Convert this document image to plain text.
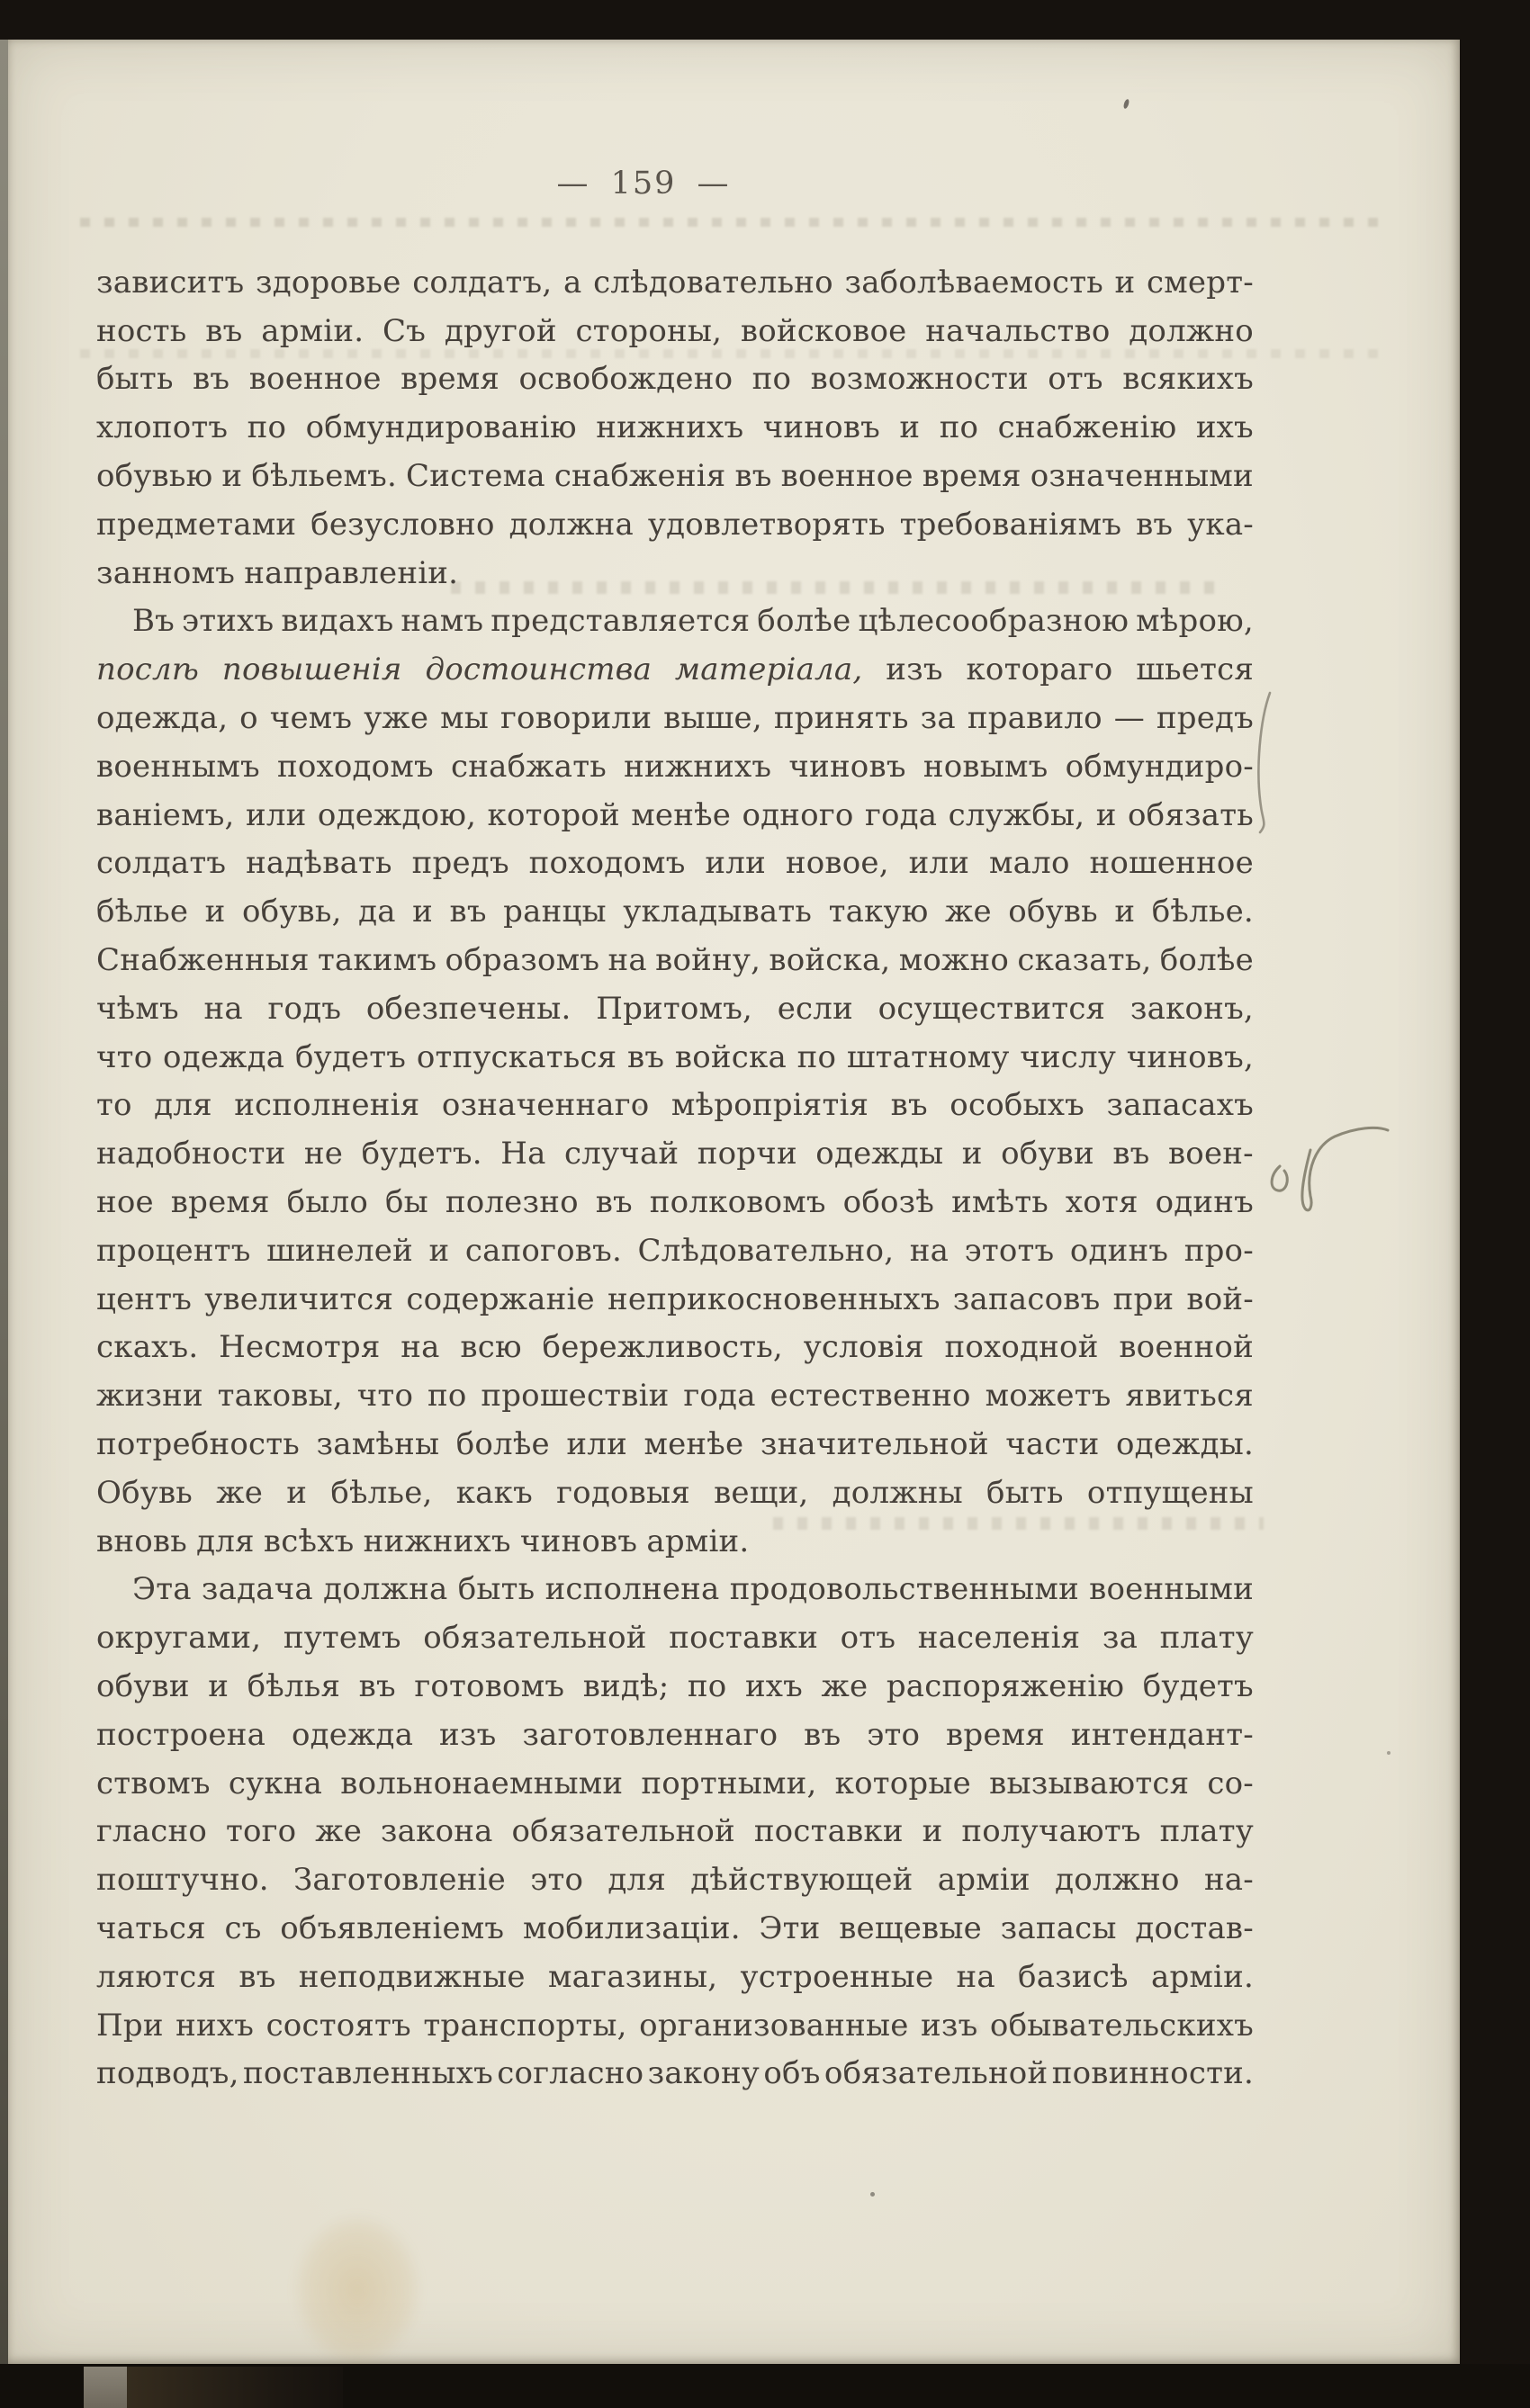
— 159 —
зависитъ здоровье солдатъ, а слѣдовательно заболѣваемость и смерт-
ность въ арміи. Съ другой стороны, войсковое начальство должно
быть въ военное время освобождено по возможности отъ всякихъ
хлопотъ по обмундированію нижнихъ чиновъ и по снабженію ихъ
обувью и бѣльемъ. Система снабженія въ военное время означенными
предметами безусловно должна удовлетворять требованіямъ въ ука-
занномъ направленіи.
Въ этихъ видахъ намъ представляется болѣе цѣлесообразною мѣрою,
послѣ повышенія достоинства матеріала, изъ котораго шьется
одежда, о чемъ уже мы говорили выше, принять за правило — предъ
военнымъ походомъ снабжать нижнихъ чиновъ новымъ обмундиро-
ваніемъ, или одеждою, которой менѣе одного года службы, и обязать
солдатъ надѣвать предъ походомъ или новое, или мало ношенное
бѣлье и обувь, да и въ ранцы укладывать такую же обувь и бѣлье.
Снабженныя такимъ образомъ на войну, войска, можно сказать, болѣе
чѣмъ на годъ обезпечены. Притомъ, если осуществится законъ,
что одежда будетъ отпускаться въ войска по штатному числу чиновъ,
то для исполненія означеннаго мѣропріятія въ особыхъ запасахъ
надобности не будетъ. На случай порчи одежды и обуви въ воен-
ное время было бы полезно въ полковомъ обозѣ имѣть хотя одинъ
процентъ шинелей и сапоговъ. Слѣдовательно, на этотъ одинъ про-
центъ увеличится содержаніе неприкосновенныхъ запасовъ при вой-
скахъ. Несмотря на всю бережливость, условія походной военной
жизни таковы, что по прошествіи года естественно можетъ явиться
потребность замѣны болѣе или менѣе значительной части одежды.
Обувь же и бѣлье, какъ годовыя вещи, должны быть отпущены
вновь для всѣхъ нижнихъ чиновъ арміи.
Эта задача должна быть исполнена продовольственными военными
округами, путемъ обязательной поставки отъ населенія за плату
обуви и бѣлья въ готовомъ видѣ; по ихъ же распоряженію будетъ
построена одежда изъ заготовленнаго въ это время интендант-
ствомъ сукна вольнонаемными портными, которые вызываются со-
гласно того же закона обязательной поставки и получаютъ плату
поштучно. Заготовленіе это для дѣйствующей арміи должно на-
чаться съ объявленіемъ мобилизаціи. Эти вещевые запасы достав-
ляются въ неподвижные магазины, устроенные на базисѣ арміи.
При нихъ состоятъ транспорты, организованные изъ обывательскихъ
подводъ, поставленныхъ согласно закону объ обязательной повинности.
